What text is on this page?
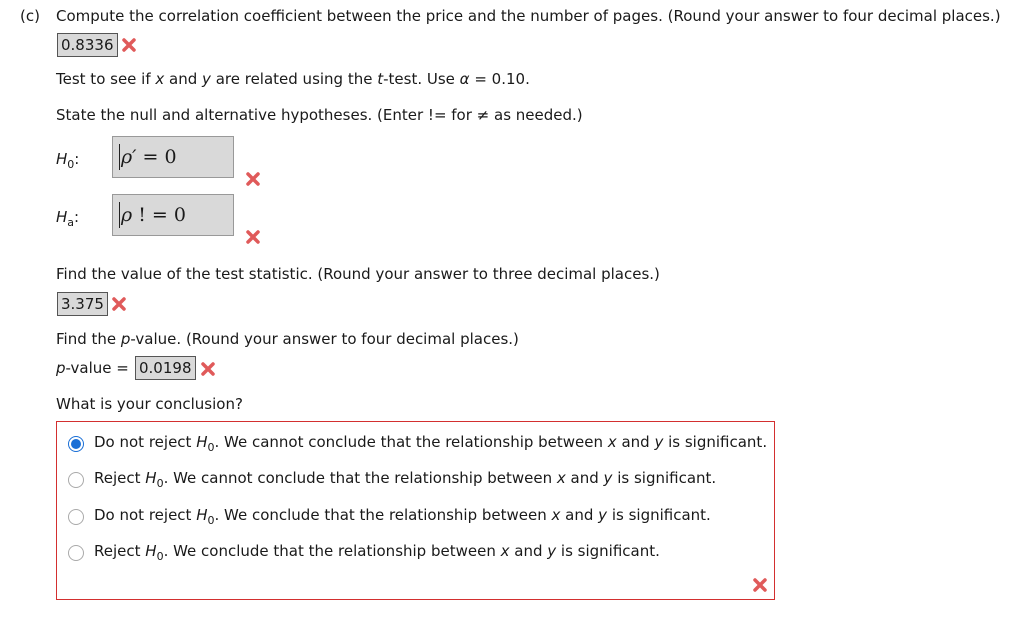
(c) Compute the correlation coefficient between the price and the number of pages. (Round your answer to four decimal places.)
0.8336
Test to see if x and y are related using the t-test. Use α = 0.10.
State the null and alternative hypotheses. (Enter != for ≠ as needed.)
$H_0$:	ρ′ = 0
$H_a$:	ρ ! = 0
Find the value of the test statistic. (Round your answer to three decimal places.)
3.375
Find the p-value. (Round your answer to four decimal places.)
p-value = 0.0198
What is your conclusion?
Do not reject $H_0$. We cannot conclude that the relationship between x and y is significant.
Reject $H_0$. We cannot conclude that the relationship between x and y is significant.
Do not reject $H_0$. We conclude that the relationship between x and y is significant.
Reject $H_0$. We conclude that the relationship between x and y is significant.
